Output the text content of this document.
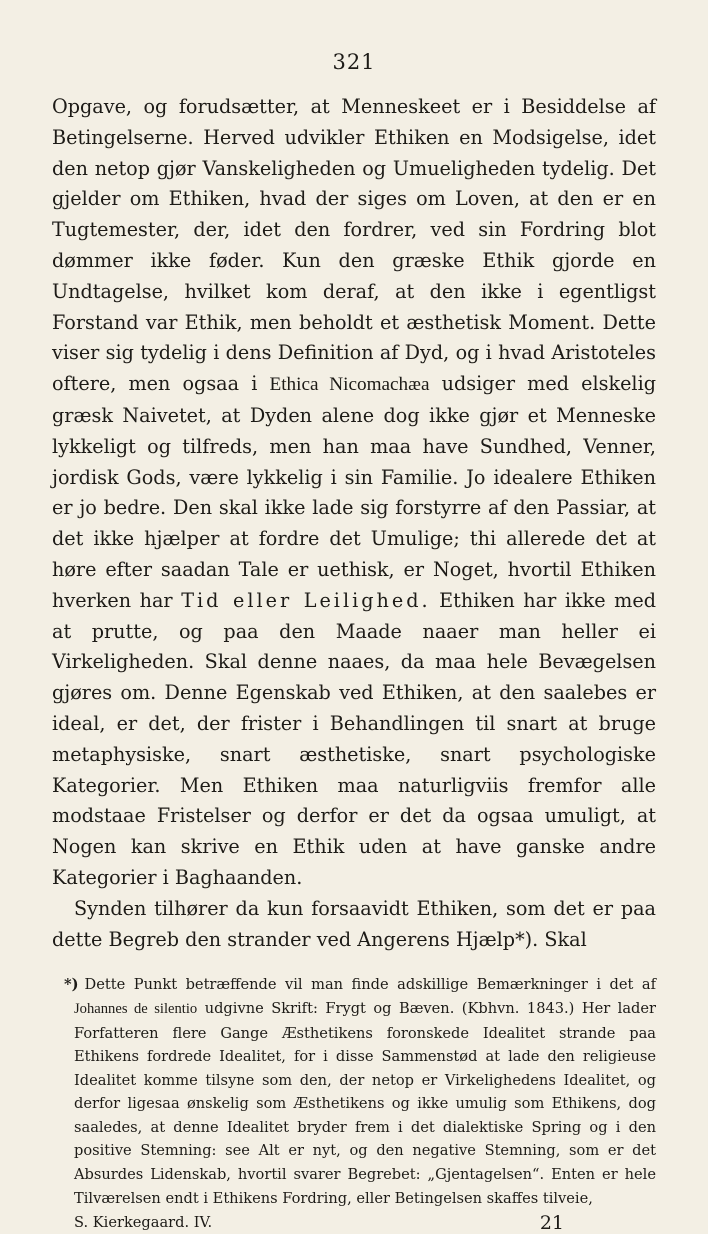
321

Opgave, og forudsætter, at Menneskeet er i Besiddelse af Betingelserne. Herved udvikler Ethiken en Modsigelse, idet den netop gjør Vanskeligheden og Umueligheden tydelig. Det gjelder om Ethiken, hvad der siges om Loven, at den er en Tugtemester, der, idet den fordrer, ved sin Fordring blot dømmer ikke føder. Kun den græske Ethik gjorde en Undtagelse, hvilket kom deraf, at den ikke i egentligst Forstand var Ethik, men beholdt et æsthetisk Moment. Dette viser sig tydelig i dens Definition af Dyd, og i hvad Aristoteles oftere, men ogsaa i Ethica Nicomachæa udsiger med elskelig græsk Naivetet, at Dyden alene dog ikke gjør et Menneske lykkeligt og tilfreds, men han maa have Sundhed, Venner, jordisk Gods, være lykkelig i sin Familie. Jo idealere Ethiken er jo bedre. Den skal ikke lade sig forstyrre af den Passiar, at det ikke hjælper at fordre det Umulige; thi allerede det at høre efter saadan Tale er uethisk, er Noget, hvortil Ethiken hverken har Tid eller Leilighed. Ethiken har ikke med at prutte, og paa den Maade naaer man heller ei Virkeligheden. Skal denne naaes, da maa hele Bevægelsen gjøres om. Denne Egenskab ved Ethiken, at den saalebes er ideal, er det, der frister i Behandlingen til snart at bruge metaphysiske, snart æsthetiske, snart psychologiske Kategorier. Men Ethiken maa naturligviis fremfor alle modstaae Fristelser og derfor er det da ogsaa umuligt, at Nogen kan skrive en Ethik uden at have ganske andre Kategorier i Baghaanden.

Synden tilhører da kun forsaavidt Ethiken, som det er paa dette Begreb den strander ved Angerens Hjælp*). Skal

*) Dette Punkt betræffende vil man finde adskillige Bemærkninger i det af Johannes de silentio udgivne Skrift: Frygt og Bæven. (Kbhvn. 1843.) Her lader Forfatteren flere Gange Æsthetikens foronskede Idealitet strande paa Ethikens fordrede Idealitet, for i disse Sammenstød at lade den religieuse Idealitet komme tilsyne som den, der netop er Virkelighedens Idealitet, og derfor ligesaa ønskelig som Æsthetikens og ikke umulig som Ethikens, dog saaledes, at denne Idealitet bryder frem i det dialektiske Spring og i den positive Stemning: see Alt er nyt, og den negative Stemning, som er det Absurdes Lidenskab, hvortil svarer Begrebet: „Gjentagelsen“. Enten er hele Tilværelsen endt i Ethikens Fordring, eller Betingelsen skaffes tilveie,
S. Kierkegaard. IV.	21
